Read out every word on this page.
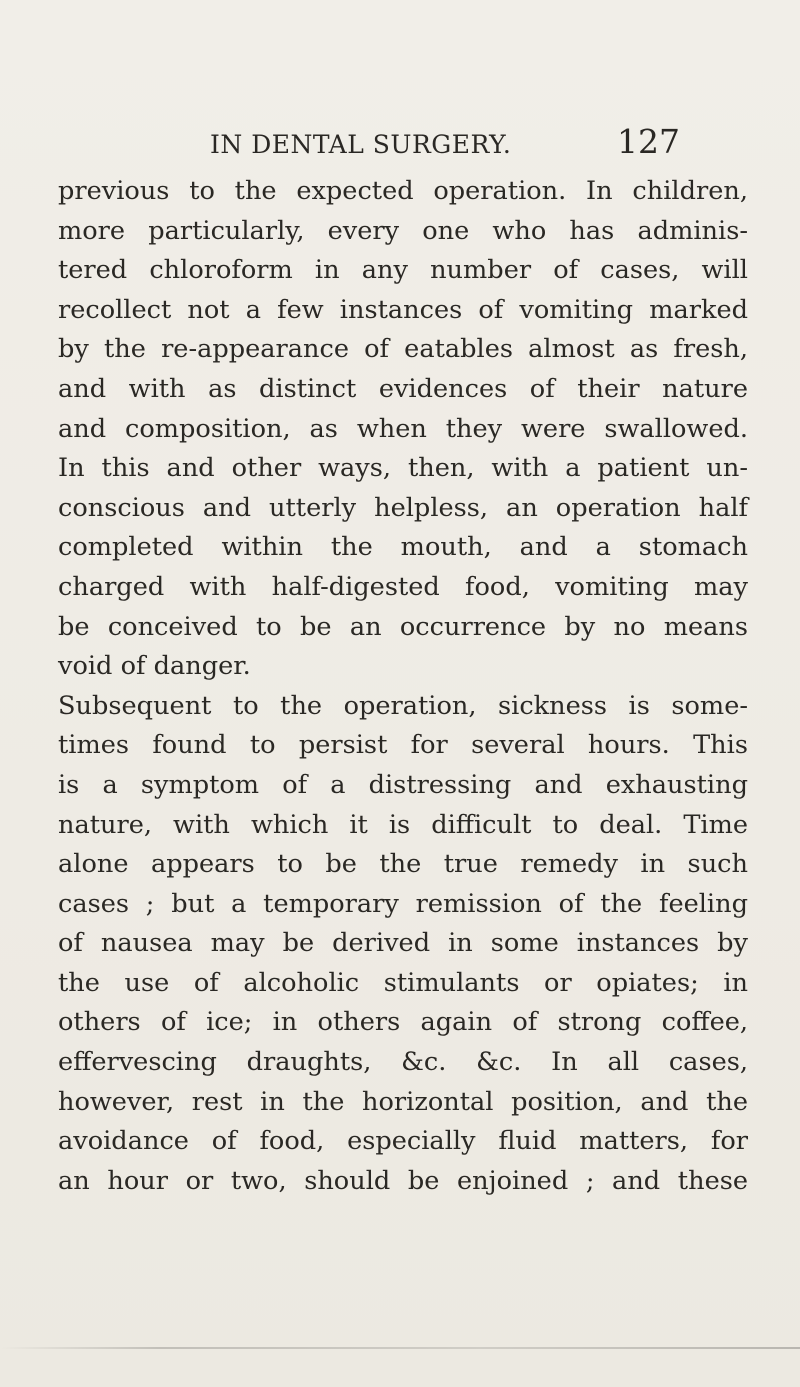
IN DENTAL SURGERY.	127
previous to the expected operation. In children,
more particularly, every one who has adminis-
tered chloroform in any number of cases, will
recollect not a few instances of vomiting marked
by the re-appearance of eatables almost as fresh,
and with as distinct evidences of their nature
and composition, as when they were swallowed.
In this and other ways, then, with a patient un-
conscious and utterly helpless, an operation half
completed within the mouth, and a stomach
charged with half-digested food, vomiting may
be conceived to be an occurrence by no means
void of danger.
Subsequent to the operation, sickness is some-
times found to persist for several hours. This
is a symptom of a distressing and exhausting
nature, with which it is difficult to deal. Time
alone appears to be the true remedy in such
cases ; but a temporary remission of the feeling
of nausea may be derived in some instances by
the use of alcoholic stimulants or opiates; in
others of ice; in others again of strong coffee,
effervescing draughts, &c. &c. In all cases,
however, rest in the horizontal position, and the
avoidance of food, especially fluid matters, for
an hour or two, should be enjoined ; and these
